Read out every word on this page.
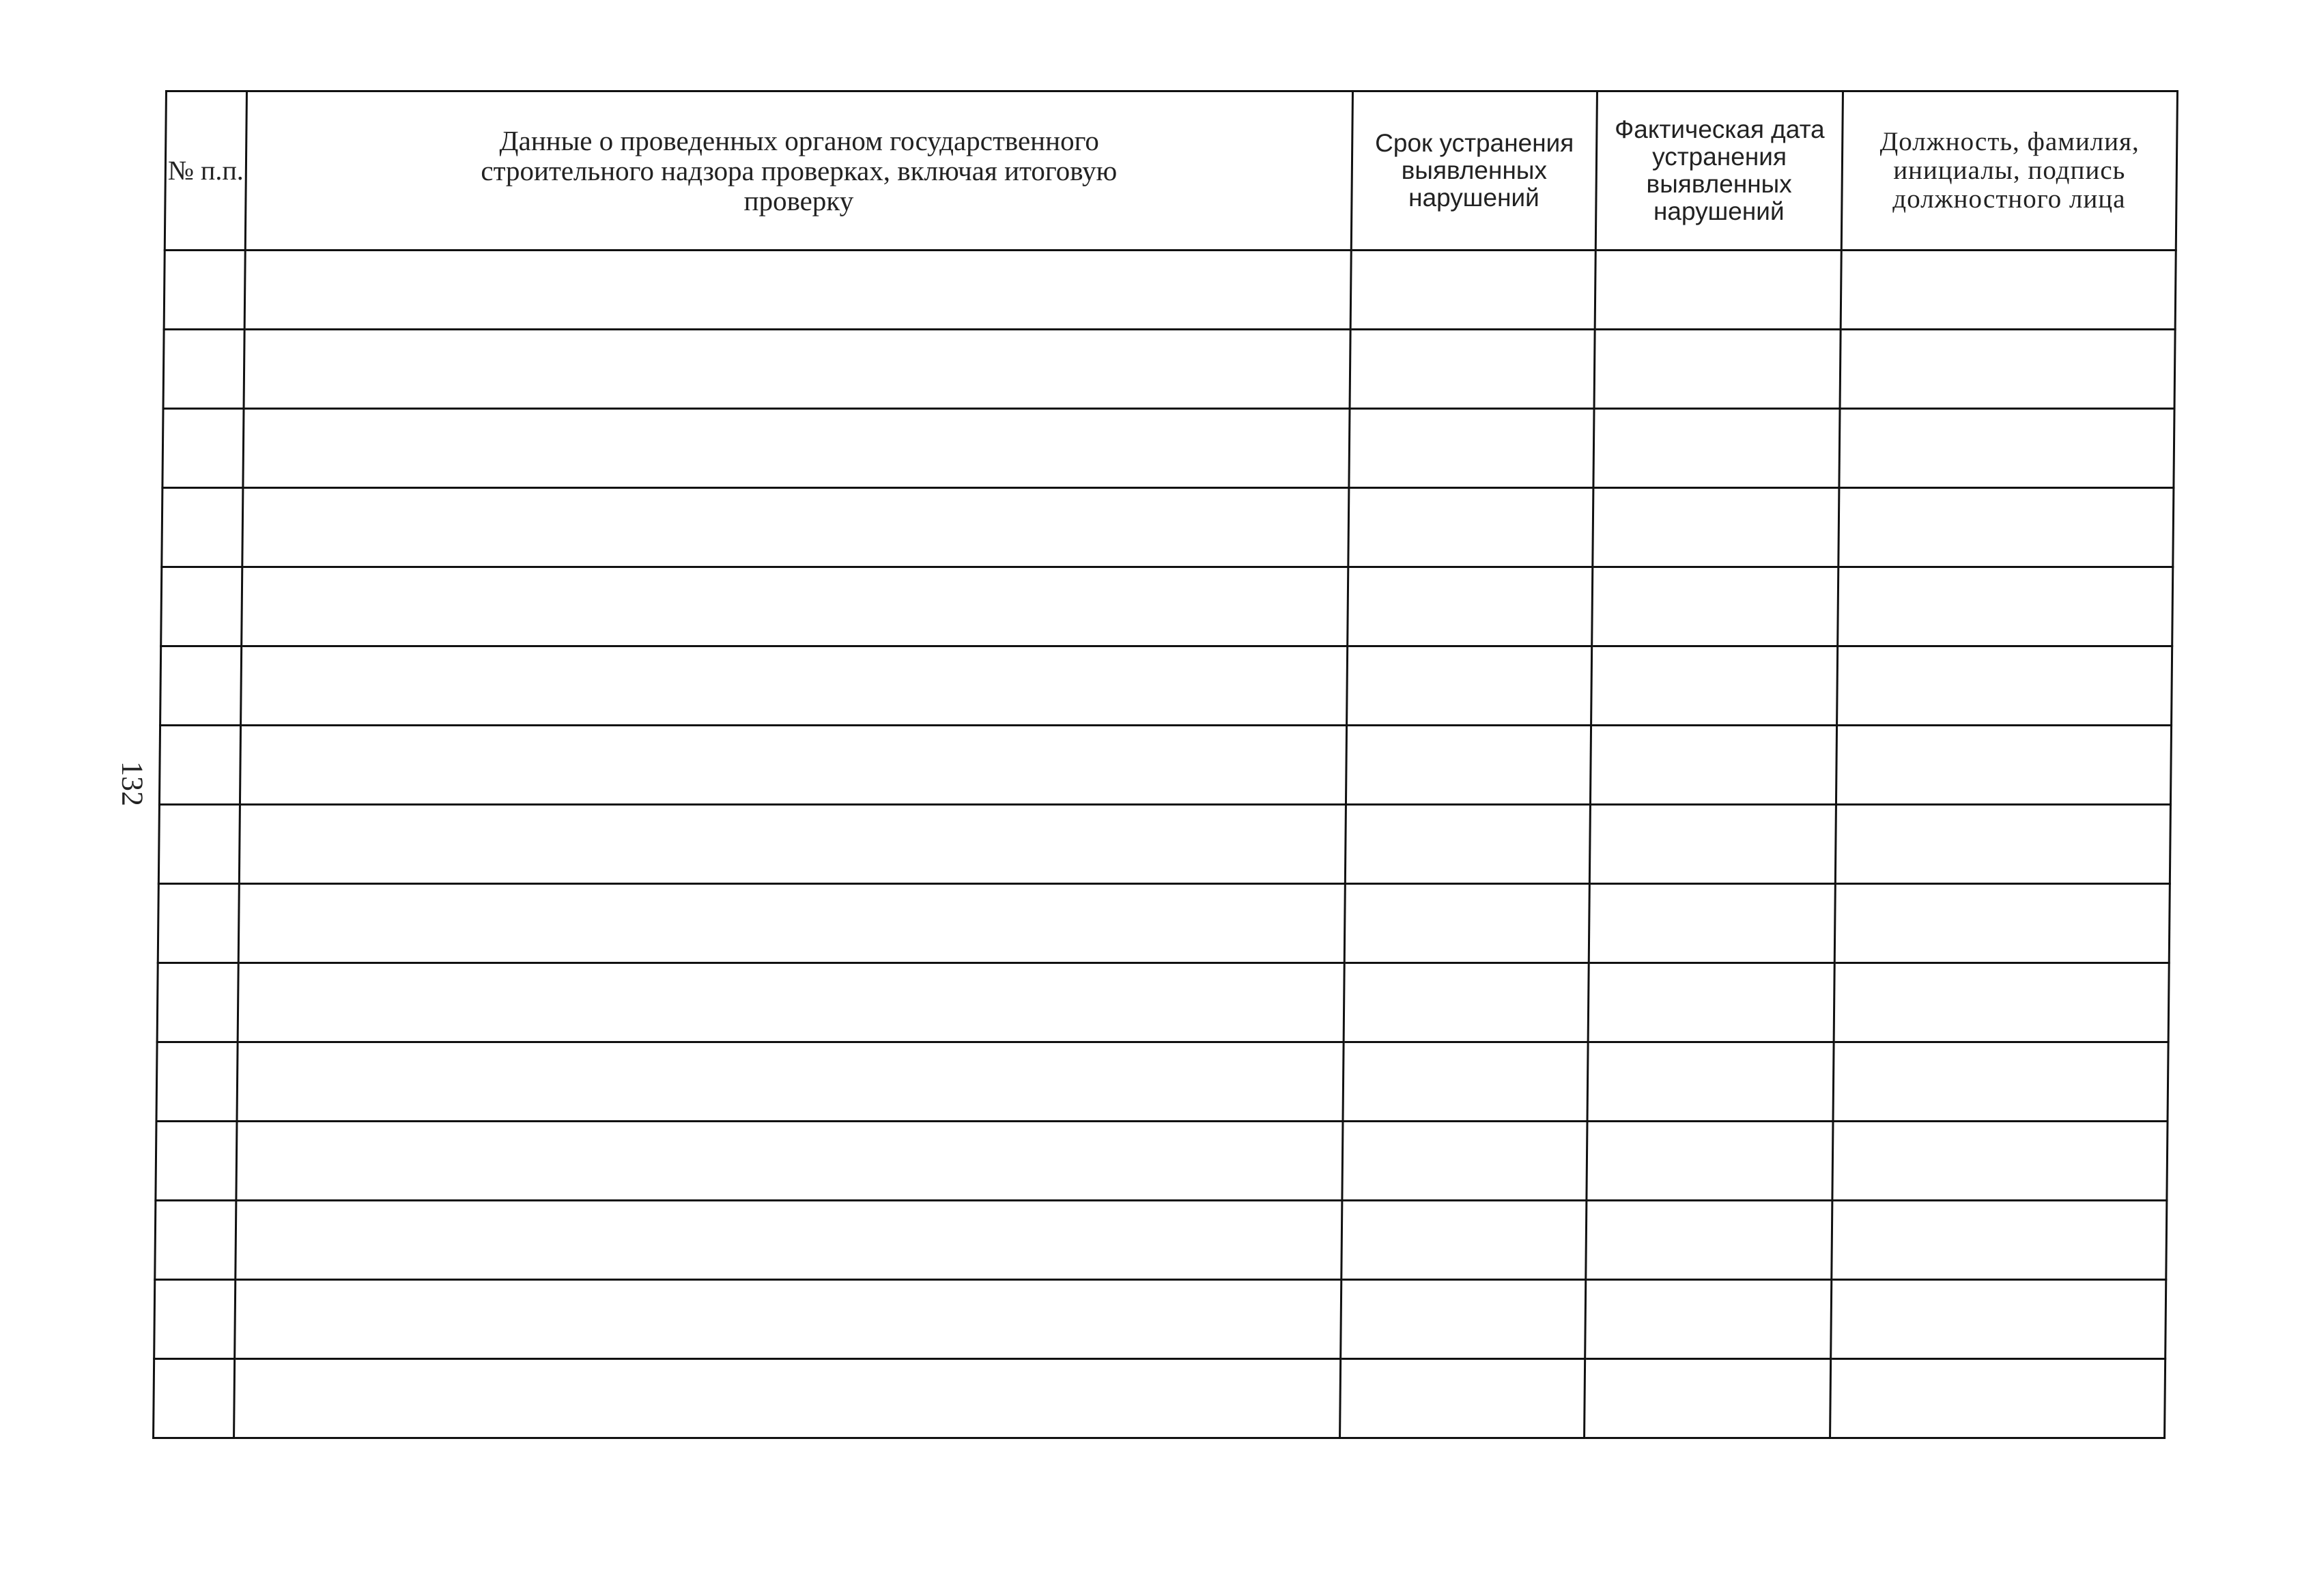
132
№ п.п.	Данные о проведенных органом государственного строительного надзора проверках, включая итоговую проверку	Срок устранения выявленных нарушений	Фактическая дата устранения выявленных нарушений	Должность, фамилия, инициалы, подпись должностного лица
